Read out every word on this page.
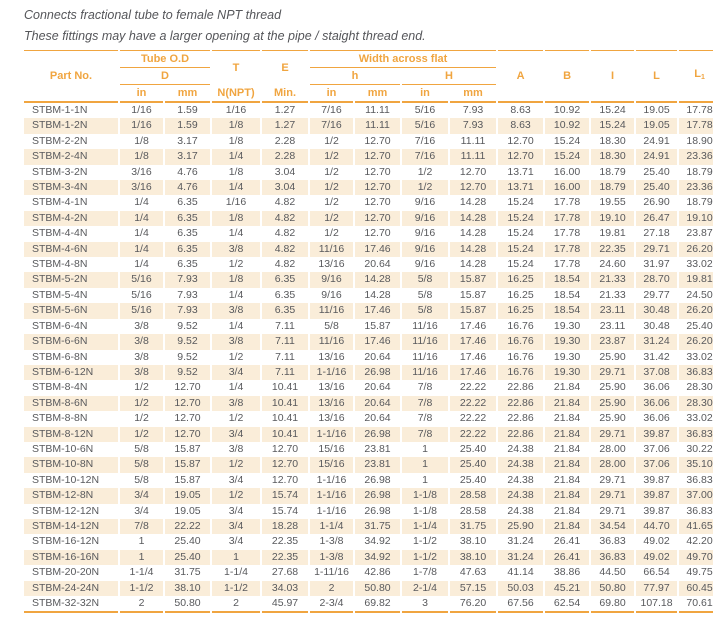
Connects fractional tube to female NPT thread

These fittings may have a larger opening at the pipe / staight thread end.

Part No.	Tube O.D		T	E	Width across flat				A	B	I	L	$L_1$
	D				h		H						
	in	mm	N(NPT)	Min.	in	mm	in	mm					
STBM-1-1N	1/16	1.59	1/16	1.27	7/16	11.11	5/16	7.93	8.63	10.92	15.24	19.05	17.78
STBM-1-2N	1/16	1.59	1/8	1.27	7/16	11.11	5/16	7.93	8.63	10.92	15.24	19.05	17.78
STBM-2-2N	1/8	3.17	1/8	2.28	1/2	12.70	7/16	11.11	12.70	15.24	18.30	24.91	18.90
STBM-2-4N	1/8	3.17	1/4	2.28	1/2	12.70	7/16	11.11	12.70	15.24	18.30	24.91	23.36
STBM-3-2N	3/16	4.76	1/8	3.04	1/2	12.70	1/2	12.70	13.71	16.00	18.79	25.40	18.79
STBM-3-4N	3/16	4.76	1/4	3.04	1/2	12.70	1/2	12.70	13.71	16.00	18.79	25.40	23.36
STBM-4-1N	1/4	6.35	1/16	4.82	1/2	12.70	9/16	14.28	15.24	17.78	19.55	26.90	18.79
STBM-4-2N	1/4	6.35	1/8	4.82	1/2	12.70	9/16	14.28	15.24	17.78	19.10	26.47	19.10
STBM-4-4N	1/4	6.35	1/4	4.82	1/2	12.70	9/16	14.28	15.24	17.78	19.81	27.18	23.87
STBM-4-6N	1/4	6.35	3/8	4.82	11/16	17.46	9/16	14.28	15.24	17.78	22.35	29.71	26.20
STBM-4-8N	1/4	6.35	1/2	4.82	13/16	20.64	9/16	14.28	15.24	17.78	24.60	31.97	33.02
STBM-5-2N	5/16	7.93	1/8	6.35	9/16	14.28	5/8	15.87	16.25	18.54	21.33	28.70	19.81
STBM-5-4N	5/16	7.93	1/4	6.35	9/16	14.28	5/8	15.87	16.25	18.54	21.33	29.77	24.50
STBM-5-6N	5/16	7.93	3/8	6.35	11/16	17.46	5/8	15.87	16.25	18.54	23.11	30.48	26.20
STBM-6-4N	3/8	9.52	1/4	7.11	5/8	15.87	11/16	17.46	16.76	19.30	23.11	30.48	25.40
STBM-6-6N	3/8	9.52	3/8	7.11	11/16	17.46	11/16	17.46	16.76	19.30	23.87	31.24	26.20
STBM-6-8N	3/8	9.52	1/2	7.11	13/16	20.64	11/16	17.46	16.76	19.30	25.90	31.42	33.02
STBM-6-12N	3/8	9.52	3/4	7.11	1-1/16	26.98	11/16	17.46	16.76	19.30	29.71	37.08	36.83
STBM-8-4N	1/2	12.70	1/4	10.41	13/16	20.64	7/8	22.22	22.86	21.84	25.90	36.06	28.30
STBM-8-6N	1/2	12.70	3/8	10.41	13/16	20.64	7/8	22.22	22.86	21.84	25.90	36.06	28.30
STBM-8-8N	1/2	12.70	1/2	10.41	13/16	20.64	7/8	22.22	22.86	21.84	25.90	36.06	33.02
STBM-8-12N	1/2	12.70	3/4	10.41	1-1/16	26.98	7/8	22.22	22.86	21.84	29.71	39.87	36.83
STBM-10-6N	5/8	15.87	3/8	12.70	15/16	23.81	1	25.40	24.38	21.84	28.00	37.06	30.22
STBM-10-8N	5/8	15.87	1/2	12.70	15/16	23.81	1	25.40	24.38	21.84	28.00	37.06	35.10
STBM-10-12N	5/8	15.87	3/4	12.70	1-1/16	26.98	1	25.40	24.38	21.84	29.71	39.87	36.83
STBM-12-8N	3/4	19.05	1/2	15.74	1-1/16	26.98	1-1/8	28.58	24.38	21.84	29.71	39.87	37.00
STBM-12-12N	3/4	19.05	3/4	15.74	1-1/16	26.98	1-1/8	28.58	24.38	21.84	29.71	39.87	36.83
STBM-14-12N	7/8	22.22	3/4	18.28	1-1/4	31.75	1-1/4	31.75	25.90	21.84	34.54	44.70	41.65
STBM-16-12N	1	25.40	3/4	22.35	1-3/8	34.92	1-1/2	38.10	31.24	26.41	36.83	49.02	42.20
STBM-16-16N	1	25.40	1	22.35	1-3/8	34.92	1-1/2	38.10	31.24	26.41	36.83	49.02	49.70
STBM-20-20N	1-1/4	31.75	1-1/4	27.68	1-11/16	42.86	1-7/8	47.63	41.14	38.86	44.50	66.54	49.75
STBM-24-24N	1-1/2	38.10	1-1/2	34.03	2	50.80	2-1/4	57.15	50.03	45.21	50.80	77.97	60.45
STBM-32-32N	2	50.80	2	45.97	2-3/4	69.82	3	76.20	67.56	62.54	69.80	107.18	70.61
